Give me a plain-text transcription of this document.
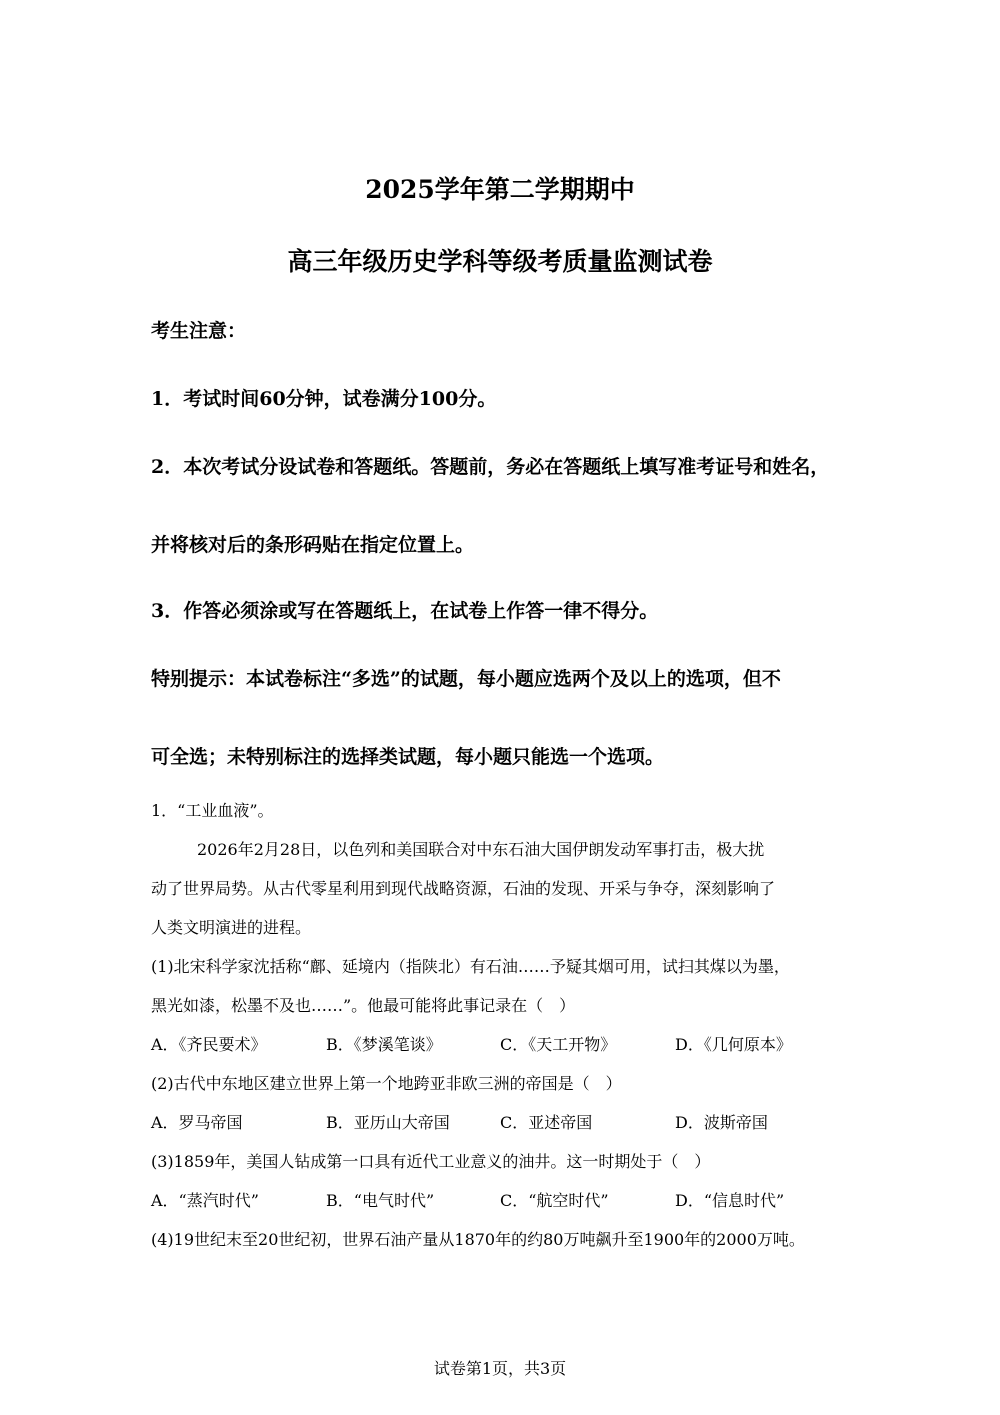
2025学年第二学期期中
高三年级历史学科等级考质量监测试卷
考生注意：
1．考试时间60分钟，试卷满分100分。
2．本次考试分设试卷和答题纸。答题前，务必在答题纸上填写准考证号和姓名，
并将核对后的条形码贴在指定位置上。
3．作答必须涂或写在答题纸上，在试卷上作答一律不得分。
特别提示：本试卷标注“多选”的试题，每小题应选两个及以上的选项，但不
可全选；未特别标注的选择类试题，每小题只能选一个选项。
1．“工业血液”。
2026年2月28日，以色列和美国联合对中东石油大国伊朗发动军事打击，极大扰
动了世界局势。从古代零星利用到现代战略资源，石油的发现、开采与争夺，深刻影响了
人类文明演进的进程。
(1)北宋科学家沈括称“鄜、延境内（指陕北）有石油……予疑其烟可用，试扫其煤以为墨，
黑光如漆，松墨不及也……”。他最可能将此事记录在（　）
A．《齐民要术》	B．《梦溪笔谈》	C．《天工开物》	D．《几何原本》
(2)古代中东地区建立世界上第一个地跨亚非欧三洲的帝国是（　）
A．罗马帝国	B．亚历山大帝国	C．亚述帝国	D．波斯帝国
(3)1859年，美国人钻成第一口具有近代工业意义的油井。这一时期处于（　）
A．“蒸汽时代”	B．“电气时代”	C．“航空时代”	D．“信息时代”
(4)19世纪末至20世纪初，世界石油产量从1870年的约80万吨飙升至1900年的2000万吨。
试卷第1页，共3页
